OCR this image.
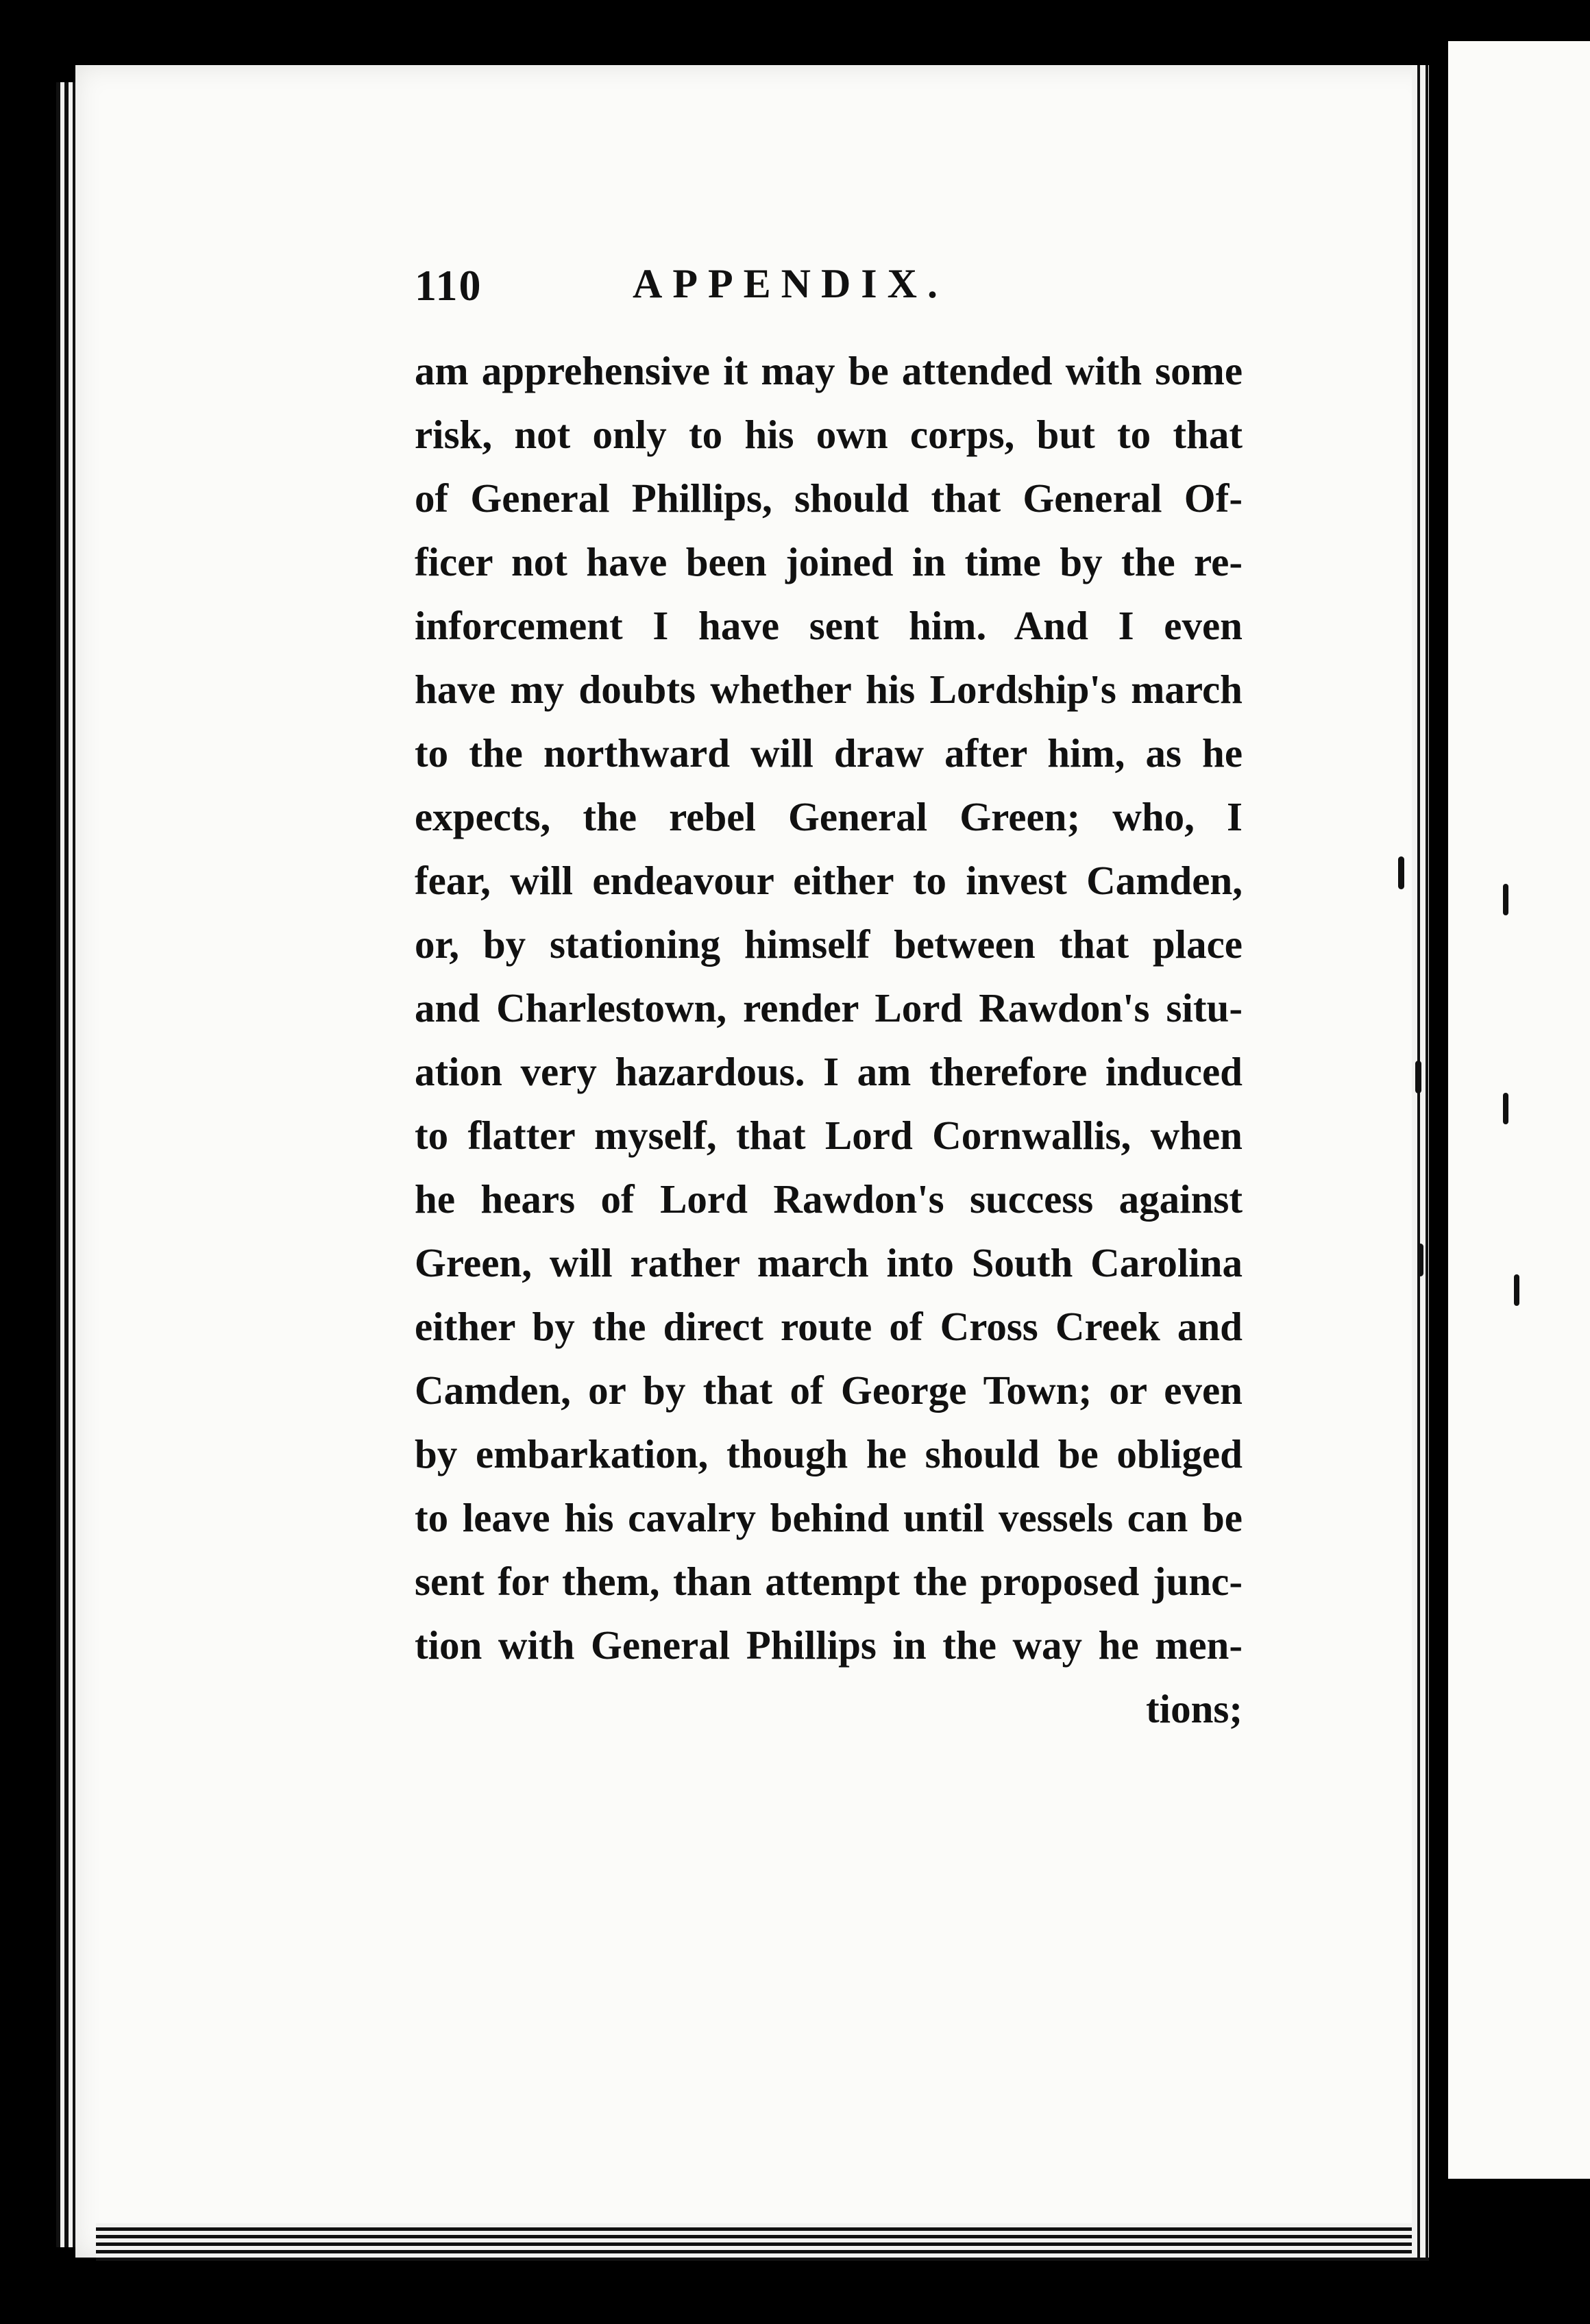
110	APPENDIX.
am apprehensive it may be attended with some
risk, not only to his own corps, but to that
of General Phillips, should that General Of-
ficer not have been joined in time by the re-
inforcement I have sent him. And I even
have my doubts whether his Lordship's march
to the northward will draw after him, as he
expects, the rebel General Green; who, I
fear, will endeavour either to invest Camden,
or, by stationing himself between that place
and Charlestown, render Lord Rawdon's situ-
ation very hazardous. I am therefore induced
to flatter myself, that Lord Cornwallis, when
he hears of Lord Rawdon's success against
Green, will rather march into South Carolina
either by the direct route of Cross Creek and
Camden, or by that of George Town; or even
by embarkation, though he should be obliged
to leave his cavalry behind until vessels can be
sent for them, than attempt the proposed junc-
tion with General Phillips in the way he men-
tions;
